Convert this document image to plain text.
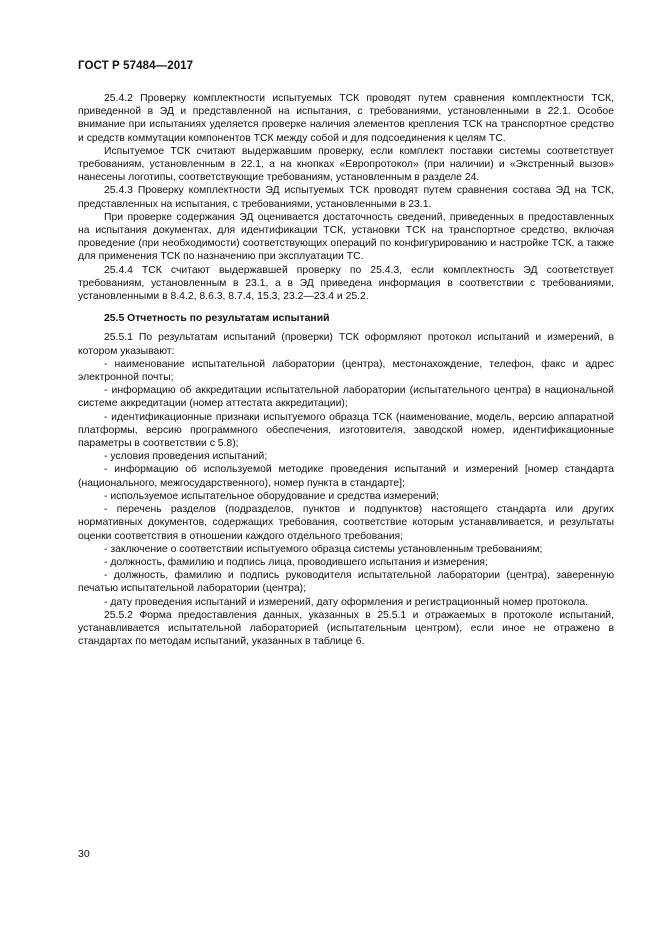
ГОСТ Р 57484—2017

25.4.2 Проверку комплектности испытуемых ТСК проводят путем сравнения комплектности ТСК, приведенной в ЭД и представленной на испытания, с требованиями, установленными в 22.1. Особое внимание при испытаниях уделяется проверке наличия элементов крепления ТСК на транспортное средство и средств коммутации компонентов ТСК между собой и для подсоединения к целям ТС.

Испытуемое ТСК считают выдержавшим проверку, если комплект поставки системы соответствует требованиям, установленным в 22.1, а на кнопках «Европротокол» (при наличии) и «Экстренный вызов» нанесены логотипы, соответствующие требованиям, установленным в разделе 24.

25.4.3 Проверку комплектности ЭД испытуемых ТСК проводят путем сравнения состава ЭД на ТСК, представленных на испытания, с требованиями, установленными в 23.1.

При проверке содержания ЭД оценивается достаточность сведений, приведенных в предоставленных на испытания документах, для идентификации ТСК, установки ТСК на транспортное средство, включая проведение (при необходимости) соответствующих операций по конфигурированию и настройке ТСК, а также для применения ТСК по назначению при эксплуатации ТС.

25.4.4 ТСК считают выдержавшей проверку по 25.4.3, если комплектность ЭД соответствует требованиям, установленным в 23.1, а в ЭД приведена информация в соответствии с требованиями, установленными в 8.4.2, 8.6.3, 8.7.4, 15.3, 23.2—23.4 и 25.2.

25.5 Отчетность по результатам испытаний

25.5.1 По результатам испытаний (проверки) ТСК оформляют протокол испытаний и измерений, в котором указывают:

- наименование испытательной лаборатории (центра), местонахождение, телефон, факс и адрес электронной почты;

- информацию об аккредитации испытательной лаборатории (испытательного центра) в национальной системе аккредитации (номер аттестата аккредитации);

- идентификационные признаки испытуемого образца ТСК (наименование, модель, версию аппаратной платформы, версию программного обеспечения, изготовителя, заводской номер, идентификационные параметры в соответствии с 5.8);

- условия проведения испытаний;

- информацию об используемой методике проведения испытаний и измерений [номер стандарта (национального, межгосударственного), номер пункта в стандарте];

- используемое испытательное оборудование и средства измерений;

- перечень разделов (подразделов, пунктов и подпунктов) настоящего стандарта или других нормативных документов, содержащих требования, соответствие которым устанавливается, и результаты оценки соответствия в отношении каждого отдельного требования;

- заключение о соответствии испытуемого образца системы установленным требованиям;

- должность, фамилию и подпись лица, проводившего испытания и измерения;

- должность, фамилию и подпись руководителя испытательной лаборатории (центра), заверенную печатью испытательной лаборатории (центра);

- дату проведения испытаний и измерений, дату оформления и регистрационный номер протокола.

25.5.2 Форма предоставления данных, указанных в 25.5.1 и отражаемых в протоколе испытаний, устанавливается испытательной лабораторией (испытательным центром), если иное не отражено в стандартах по методам испытаний, указанных в таблице 6.

30
